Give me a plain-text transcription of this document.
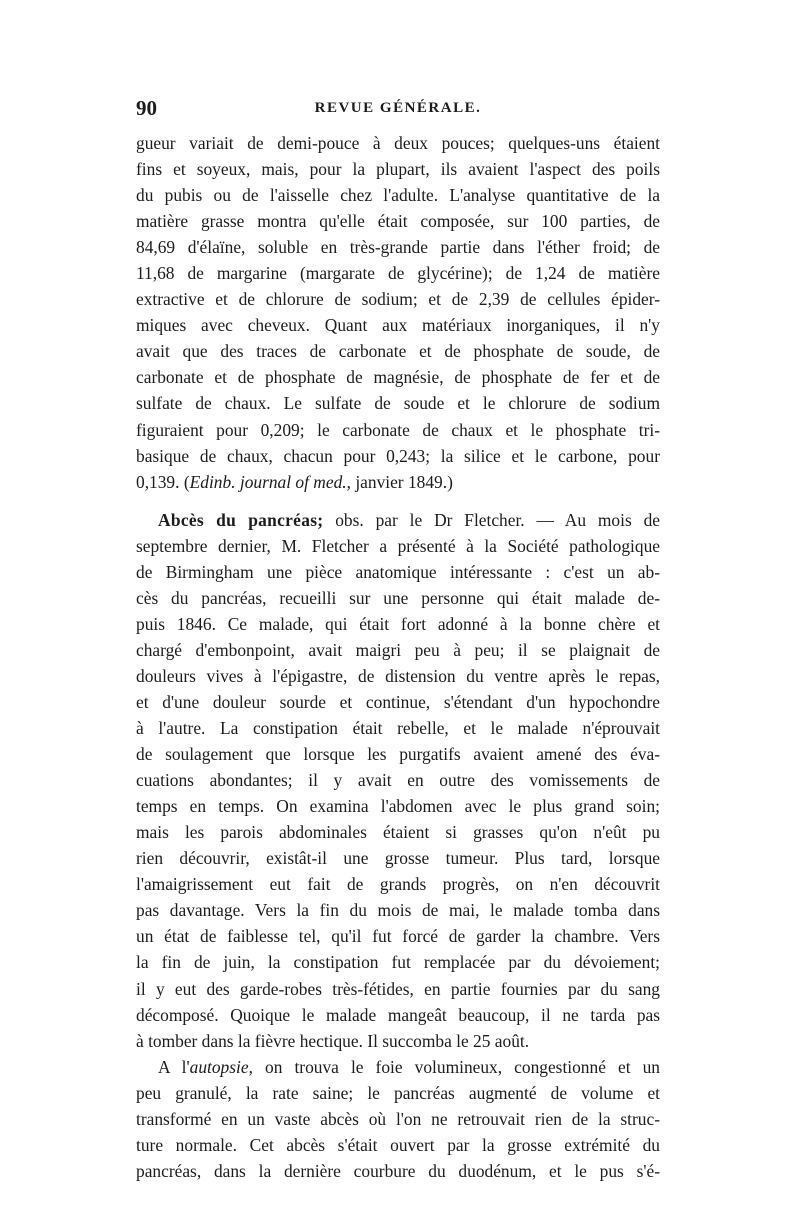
90	REVUE GÉNÉRALE.
gueur variait de demi-pouce à deux pouces; quelques-uns étaient
fins et soyeux, mais, pour la plupart, ils avaient l'aspect des poils
du pubis ou de l'aisselle chez l'adulte. L'analyse quantitative de la
matière grasse montra qu'elle était composée, sur 100 parties, de
84,69 d'élaïne, soluble en très-grande partie dans l'éther froid; de
11,68 de margarine (margarate de glycérine); de 1,24 de matière
extractive et de chlorure de sodium; et de 2,39 de cellules épider-
miques avec cheveux. Quant aux matériaux inorganiques, il n'y
avait que des traces de carbonate et de phosphate de soude, de
carbonate et de phosphate de magnésie, de phosphate de fer et de
sulfate de chaux. Le sulfate de soude et le chlorure de sodium
figuraient pour 0,209; le carbonate de chaux et le phosphate tri-
basique de chaux, chacun pour 0,243; la silice et le carbone, pour
0,139. (Edinb. journal of med., janvier 1849.)
Abcès du pancréas; obs. par le Dr Fletcher. — Au mois de
septembre dernier, M. Fletcher a présenté à la Société pathologique
de Birmingham une pièce anatomique intéressante : c'est un ab-
cès du pancréas, recueilli sur une personne qui était malade de-
puis 1846. Ce malade, qui était fort adonné à la bonne chère et
chargé d'embonpoint, avait maigri peu à peu; il se plaignait de
douleurs vives à l'épigastre, de distension du ventre après le repas,
et d'une douleur sourde et continue, s'étendant d'un hypochondre
à l'autre. La constipation était rebelle, et le malade n'éprouvait
de soulagement que lorsque les purgatifs avaient amené des éva-
cuations abondantes; il y avait en outre des vomissements de
temps en temps. On examina l'abdomen avec le plus grand soin;
mais les parois abdominales étaient si grasses qu'on n'eût pu
rien découvrir, existât-il une grosse tumeur. Plus tard, lorsque
l'amaigrissement eut fait de grands progrès, on n'en découvrit
pas davantage. Vers la fin du mois de mai, le malade tomba dans
un état de faiblesse tel, qu'il fut forcé de garder la chambre. Vers
la fin de juin, la constipation fut remplacée par du dévoiement;
il y eut des garde-robes très-fétides, en partie fournies par du sang
décomposé. Quoique le malade mangeât beaucoup, il ne tarda pas
à tomber dans la fièvre hectique. Il succomba le 25 août.
A l'autopsie, on trouva le foie volumineux, congestionné et un
peu granulé, la rate saine; le pancréas augmenté de volume et
transformé en un vaste abcès où l'on ne retrouvait rien de la struc-
ture normale. Cet abcès s'était ouvert par la grosse extrémité du
pancréas, dans la dernière courbure du duodénum, et le pus s'é-
